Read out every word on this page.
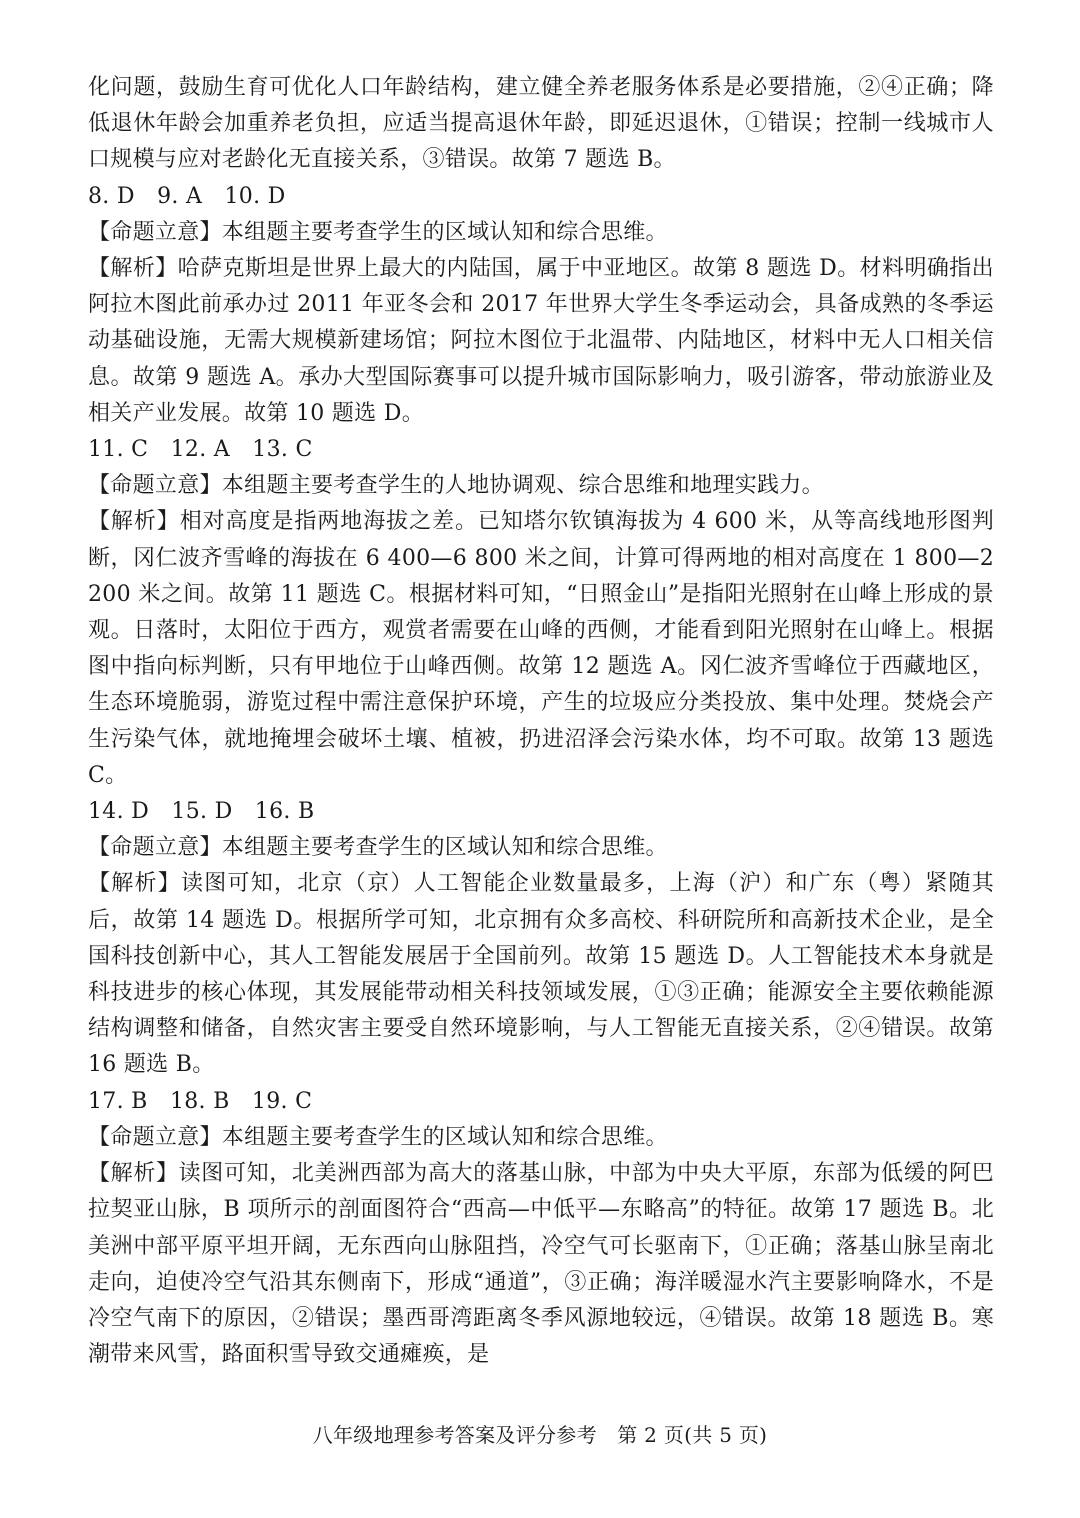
化问题，鼓励生育可优化人口年龄结构，建立健全养老服务体系是必要措施，②④正确；降低退休年龄会加重养老负担，应适当提高退休年龄，即延迟退休，①错误；控制一线城市人口规模与应对老龄化无直接关系，③错误。故第 7 题选 B。

8. D　9. A　10. D

【命题立意】本组题主要考查学生的区域认知和综合思维。

【解析】哈萨克斯坦是世界上最大的内陆国，属于中亚地区。故第 8 题选 D。材料明确指出阿拉木图此前承办过 2011 年亚冬会和 2017 年世界大学生冬季运动会，具备成熟的冬季运动基础设施，无需大规模新建场馆；阿拉木图位于北温带、内陆地区，材料中无人口相关信息。故第 9 题选 A。承办大型国际赛事可以提升城市国际影响力，吸引游客，带动旅游业及相关产业发展。故第 10 题选 D。

11. C　12. A　13. C

【命题立意】本组题主要考查学生的人地协调观、综合思维和地理实践力。

【解析】相对高度是指两地海拔之差。已知塔尔钦镇海拔为 4 600 米，从等高线地形图判断，冈仁波齐雪峰的海拔在 6 400—6 800 米之间，计算可得两地的相对高度在 1 800—2 200 米之间。故第 11 题选 C。根据材料可知，“日照金山”是指阳光照射在山峰上形成的景观。日落时，太阳位于西方，观赏者需要在山峰的西侧，才能看到阳光照射在山峰上。根据图中指向标判断，只有甲地位于山峰西侧。故第 12 题选 A。冈仁波齐雪峰位于西藏地区，生态环境脆弱，游览过程中需注意保护环境，产生的垃圾应分类投放、集中处理。焚烧会产生污染气体，就地掩埋会破坏土壤、植被，扔进沼泽会污染水体，均不可取。故第 13 题选 C。

14. D　15. D　16. B

【命题立意】本组题主要考查学生的区域认知和综合思维。

【解析】读图可知，北京（京）人工智能企业数量最多，上海（沪）和广东（粤）紧随其后，故第 14 题选 D。根据所学可知，北京拥有众多高校、科研院所和高新技术企业，是全国科技创新中心，其人工智能发展居于全国前列。故第 15 题选 D。人工智能技术本身就是科技进步的核心体现，其发展能带动相关科技领域发展，①③正确；能源安全主要依赖能源结构调整和储备，自然灾害主要受自然环境影响，与人工智能无直接关系，②④错误。故第 16 题选 B。

17. B　18. B　19. C

【命题立意】本组题主要考查学生的区域认知和综合思维。

【解析】读图可知，北美洲西部为高大的落基山脉，中部为中央大平原，东部为低缓的阿巴拉契亚山脉，B 项所示的剖面图符合“西高—中低平—东略高”的特征。故第 17 题选 B。北美洲中部平原平坦开阔，无东西向山脉阻挡，冷空气可长驱南下，①正确；落基山脉呈南北走向，迫使冷空气沿其东侧南下，形成“通道”，③正确；海洋暖湿水汽主要影响降水，不是冷空气南下的原因，②错误；墨西哥湾距离冬季风源地较远，④错误。故第 18 题选 B。寒潮带来风雪，路面积雪导致交通瘫痪，是

八年级地理参考答案及评分参考　第 2 页(共 5 页)
